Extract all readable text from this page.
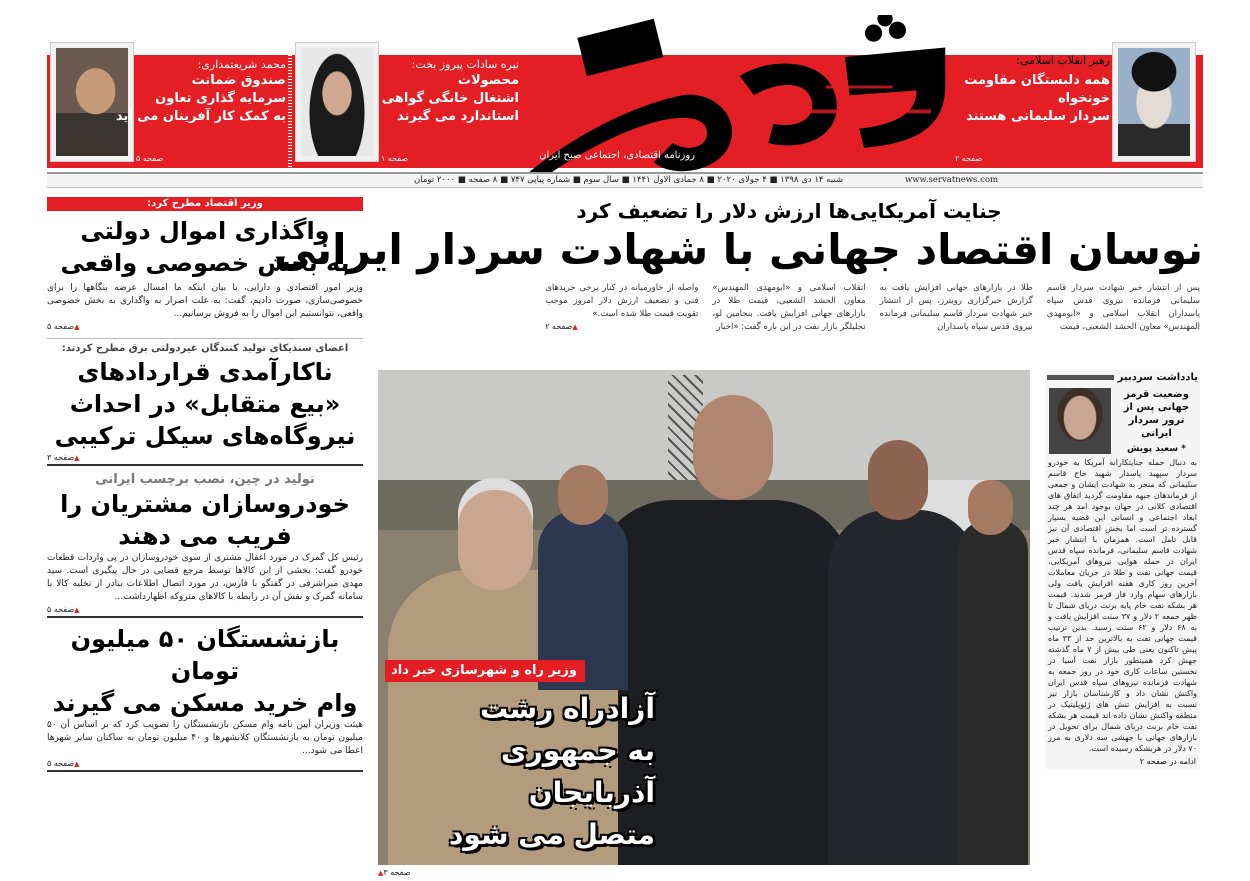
محمد شریعتمداری:
صندوق ضمانت
سرمایه گذاری تعاون
به کمک کار آفرینان می آید
صفحه ۵
نیره سادات پیروز بخت:
محصولات
اشتغال خانگی گواهی
استاندارد می گیرند
صفحه ۱	روزنامه اقتصادی، اجتماعی صبح ایران
رهبر انقلاب اسلامی:
همه دلبستگان مقاومت
خونخواه
سردار سلیمانی هستند
صفحه ۲
شنبه ۱۴ دی ۱۳۹۸ ■ ۴ جولای ۲۰۲۰ ■ ۸ جمادی الاول ۱۴۴۱ ■ سال سوم ■ شماره پیاپی ۷۴۷ ■ ۸ صفحه ■ ۲۰۰۰ تومان	www.servatnews.com
جنایت آمریکایی‌ها ارزش دلار را تضعیف کرد
نوسان اقتصاد جهانی با شهادت سردار ایرانی
پس از انتشار خبر شهادت سردار قاسم سلیمانی فرمانده نیروی قدس سپاه پاسداران انقلاب اسلامی و «ابومهدی المهندس» معاون الحشد الشعبی، قیمت
طلا در بازارهای جهانی افزایش یافت به گزارش خبرگزاری رویترز، پس از انتشار خبر شهادت سردار قاسم سلیمانی فرمانده نیروی قدس سپاه پاسداران
انقلاب اسلامی و «ابومهدی المهندس» معاون الحشد الشعبی، قیمت طلا در بازارهای جهانی افزایش یافت. بنجامین لو، تحلیلگر بازار نفت در این باره گفت: «اخبار
واصله از خاورمیانه در کنار برخی خریدهای فنی و تضعیف ارزش دلار امروز موجب تقویت قیمت طلا شده است.»
▲ صفحه ۲
وزیر راه و شهرسازی خبر داد
آزادراه رشت
به جمهوری آذربایجان
متصل می شود
▲ صفحه ۳
یادداشت سردبیر
وضعیت قرمز جهانی پس از ترور سردار ایرانی
* سعید پویش
به دنبال حمله جنایتکارانه آمریکا به خودرو سردار سپهبد پاسدار شهید حاج قاسم سلیمانی که منجر به شهادت ایشان و جمعی از فرماندهان جبهه مقاومت گردید اتفاق های اقتصادی کلانی در جهان بوجود امد هر چند ابعاد اجتماعی و انسانی این قضیه بسیار گسترده تر است اما بخش اقتصادی آن نیز قابل تامل است. همزمان با انتشار خبر شهادت قاسم سلیمانی، فرمانده سپاه قدس ایران در حمله هوایی نیروهای آمریکایی، قیمت جهانی نفت و طلا در جریان معاملات آخرین روز کاری هفته افزایش یافت ولی بازارهای سهام وارد فاز قرمز شدند. قیمت هر بشکه نفت خام پایه برنت دریای شمال تا ظهر جمعه ۲ دلار و ۳۷ سنت افزایش یافت و به ۶۸ دلار و ۶۲ سنت رسید. بدین ترتیب قیمت جهانی نفت به بالاترین حد از ۳۳ ماه پیش تاکنون یعنی طی بیش از ۷ ماه گذشته جهش کرد همینطور بازار نفت آسیا در نخستین ساعات کاری خود در روز جمعه به شهادت فرمانده نیروهای سپاه قدس ایران واکنش نشان داد و کارشناسان بازار نیز نسبت به افزایش تنش های ژئوپلیتیک در منطقه واکنش نشان داده اند قیمت هر بشکه نفت خام برنت دریای شمال برای تحویل در بازارهای جهانی با جهشی سه دلاری به مرز ۷۰ دلار در هربشکه رسیده است.
ادامه در صفحه ۲
وزیر اقتصاد مطرح کرد:
واگذاری اموال دولتی
به بخش خصوصی واقعی
وزیر امور اقتصادی و دارایی، با بیان اینکه ما امسال عرضه بنگاهها را برای خصوصی‌سازی، صورت دادیم، گفت: به علت اصرار به واگذاری به بخش خصوصی واقعی، نتوانستیم این اموال را به فروش برسانیم...
▲ صفحه ۵
اعضای سندیکای تولید کنندگان غیردولتی برق مطرح کردند:
ناکارآمدی قراردادهای
«بیع متقابل» در احداث
نیروگاه‌های سیکل ترکیبی
▲ صفحه ۳
تولید در چین، نصب برچسب ایرانی
خودروسازان مشتریان را
فریب می دهند
رئیس کل گمرک در مورد اغفال مشتری از سوی خودروسازان در پی واردات قطعات خودرو گفت: بخشی از این کالاها توسط مرجع قضایی در حال پیگیری است. سید مهدی میراشرفی در گفتگو با فارس، در مورد اتصال اطلاعات بنادر از تخلیه کالا با سامانه گمرک و نقش آن در رابطه با کالاهای متروکه اظهارداشت...
▲ صفحه ۵
بازنشستگان ۵۰ میلیون تومان
وام خرید مسکن می گیرند
هیئت وزیران آیین نامه وام مسکن بازنشستگان را تصویب کرد که بر اساس آن ۵۰ میلیون تومان به بازنشستگان کلانشهرها و ۴۰ میلیون تومان به ساکنان سایر شهرها اعطا می شود...
▲ صفحه ۵
